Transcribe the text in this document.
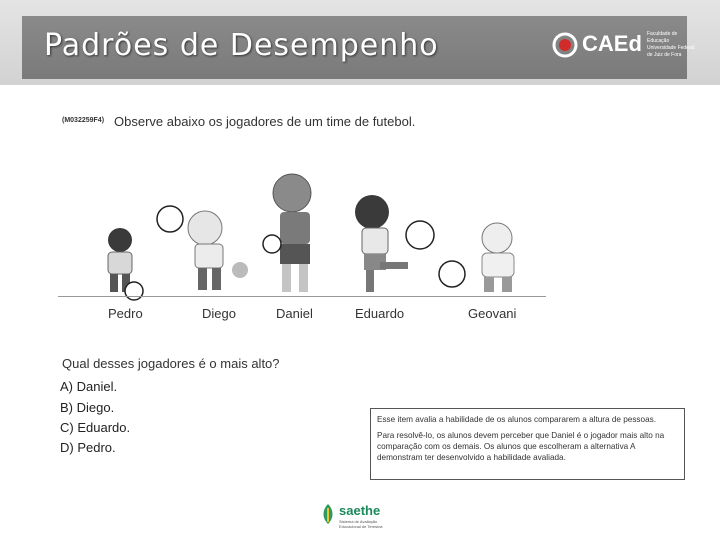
Padrões de Desempenho	CAEd Faculdade de Educação Universidade Federal de Juiz de Fora
(M032259F4) Observe abaixo os jogadores de um time de futebol.
Pedro	Diego	Daniel	Eduardo	Geovani
Qual desses jogadores é o mais alto?
A) Daniel.
B) Diego.
C) Eduardo.
D) Pedro.

Esse item avalia a habilidade de os alunos compararem a altura de pessoas.

Para resolvê-lo, os alunos devem perceber que Daniel é o jogador mais alto na comparação com os demais. Os alunos que escolheram a alternativa A demonstram ter desenvolvido a habilidade avaliada.

saethe
Sistema de Avaliação Educacional de Teresina
